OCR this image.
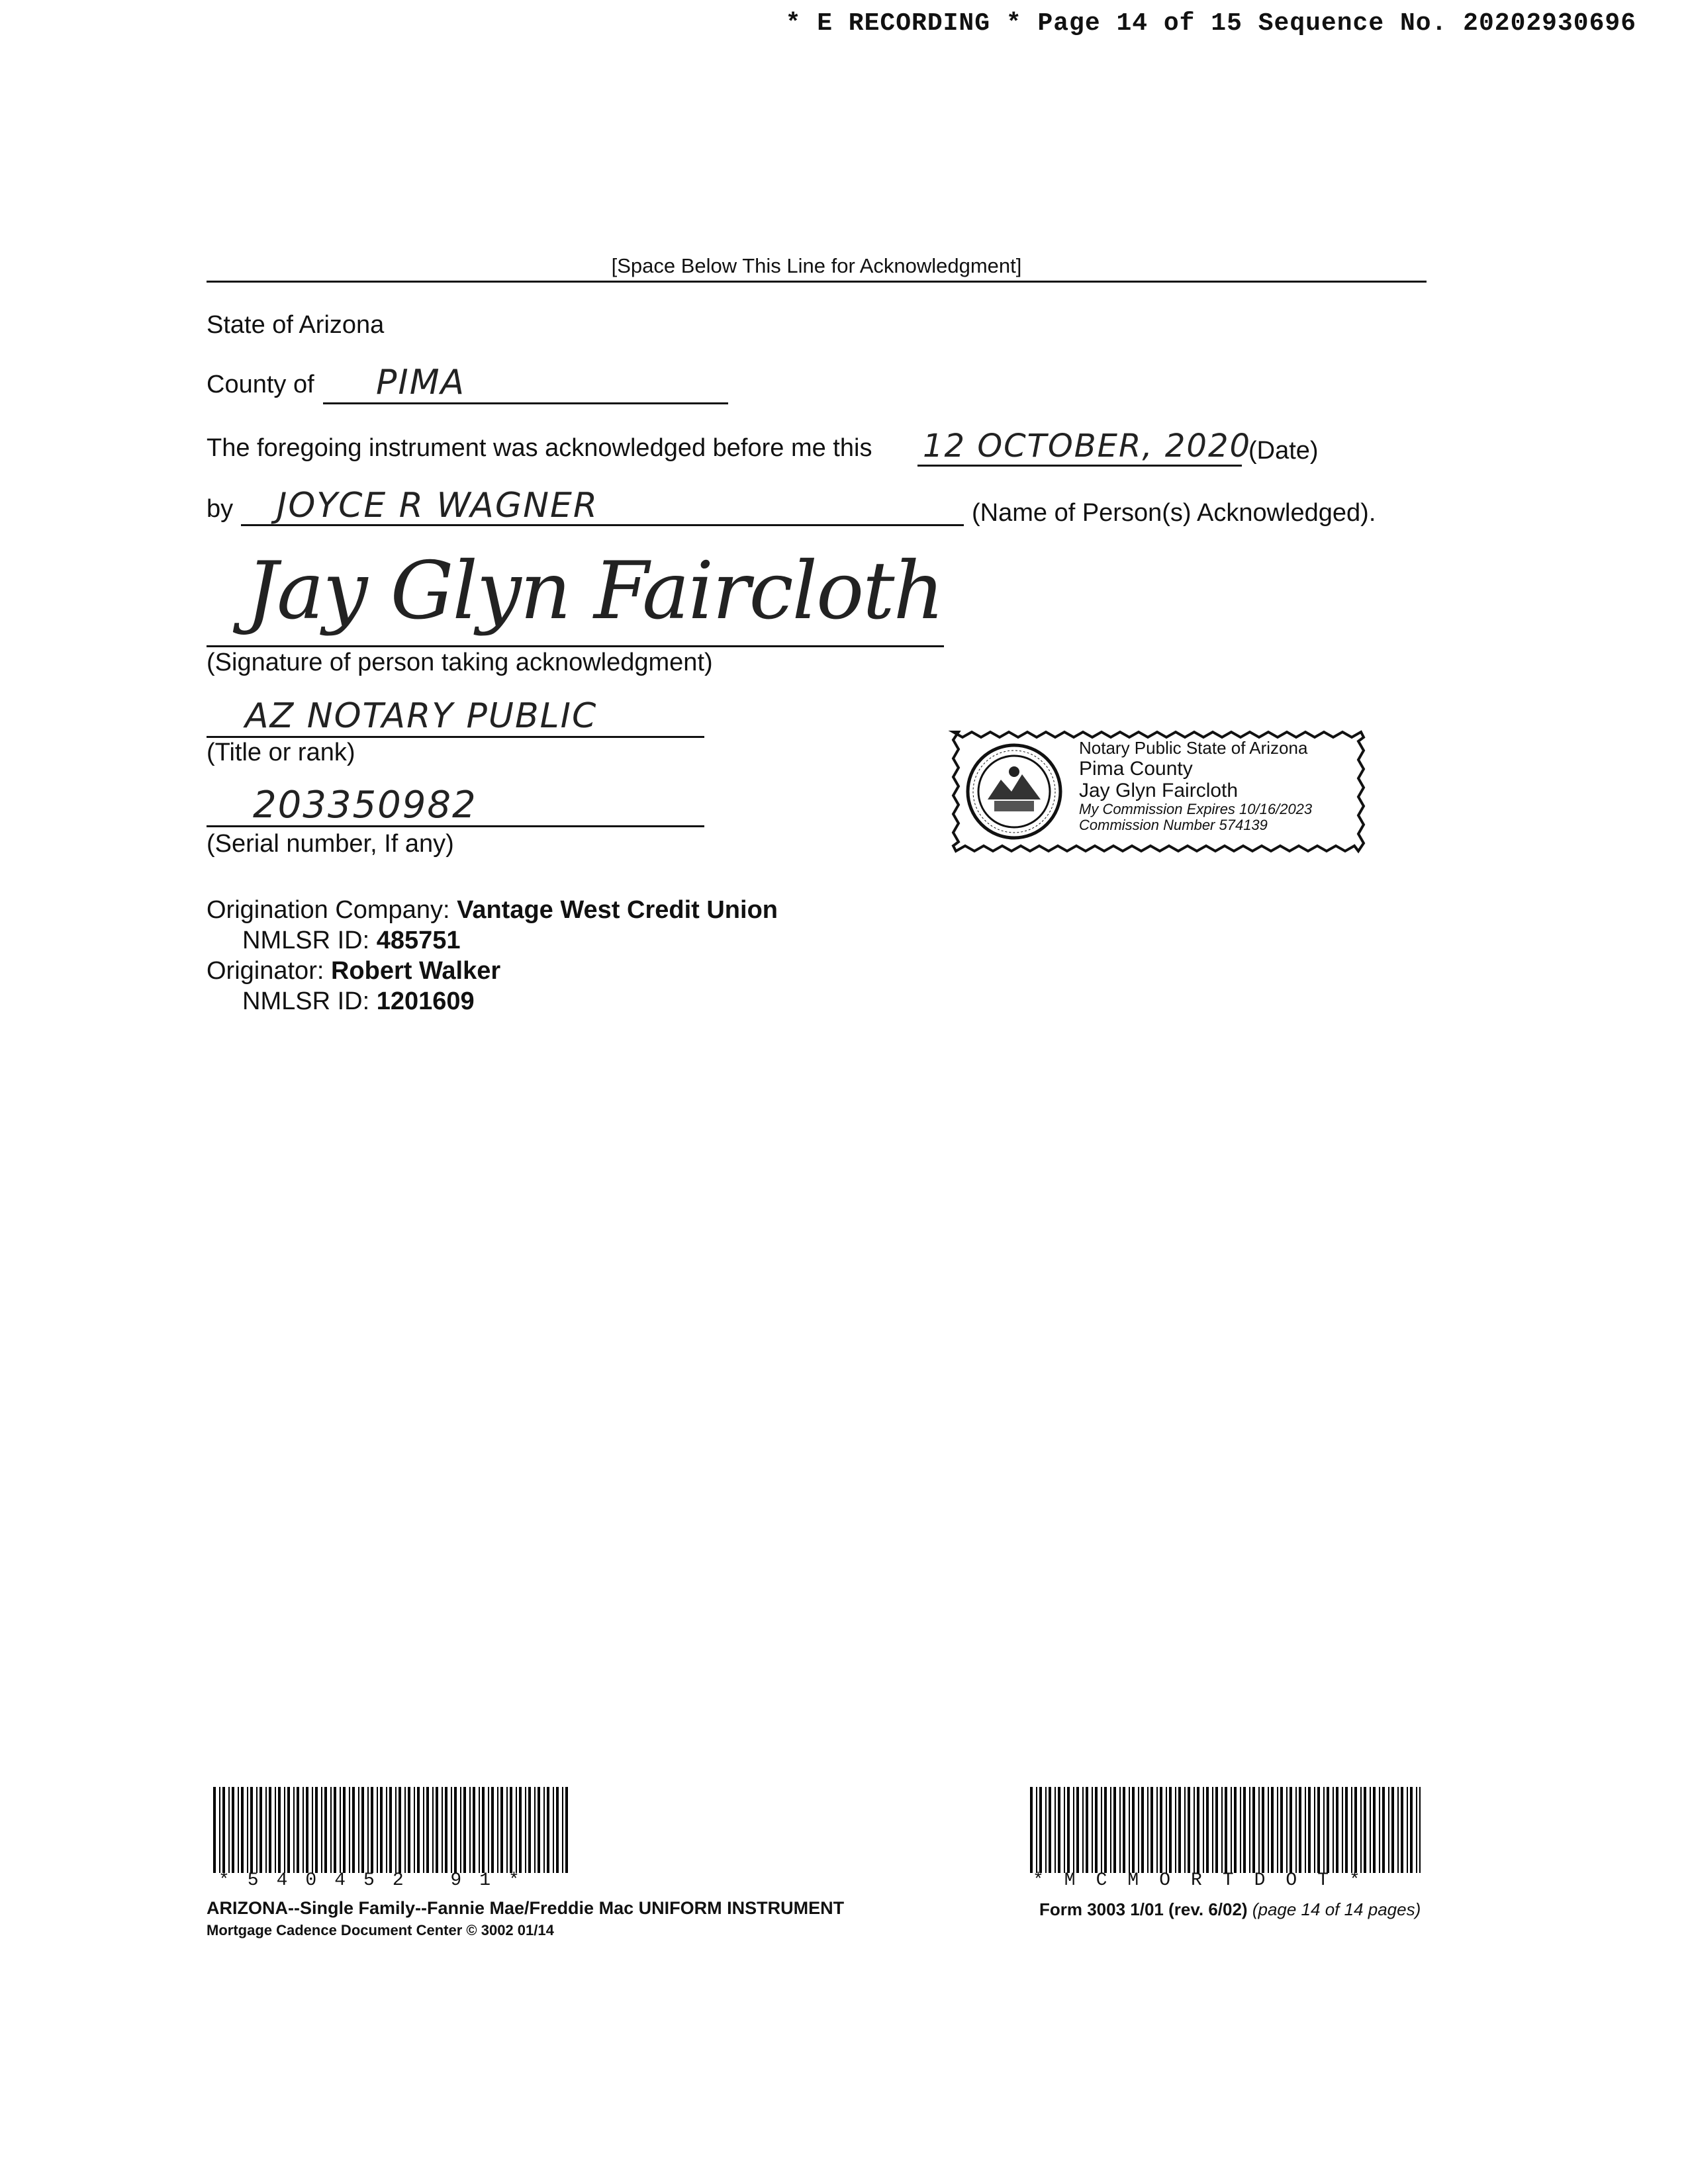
* E RECORDING * Page 14 of 15 Sequence No. 20202930696
[Space Below This Line for Acknowledgment]
State of Arizona
County of PIMA
The foregoing instrument was acknowledged before me this 12 OCTOBER, 2020
(Date)
by JOYCE R WAGNER	(Name of Person(s) Acknowledged).
Jay Glyn Faircloth
(Signature of person taking acknowledgment)
AZ NOTARY PUBLIC
(Title or rank)
203350982
(Serial number, If any)
Notary Public State of Arizona
Pima County
Jay Glyn Faircloth
My Commission Expires 10/16/2023
Commission Number 574139
Origination Company: Vantage West Credit Union
NMLSR ID: 485751
Originator: Robert Walker
NMLSR ID: 1201609
*540452 91*	*MCMORTDOT*
ARIZONA--Single Family--Fannie Mae/Freddie Mac UNIFORM INSTRUMENT
Mortgage Cadence Document Center © 3002 01/14
Form 3003 1/01 (rev. 6/02) (page 14 of 14 pages)
